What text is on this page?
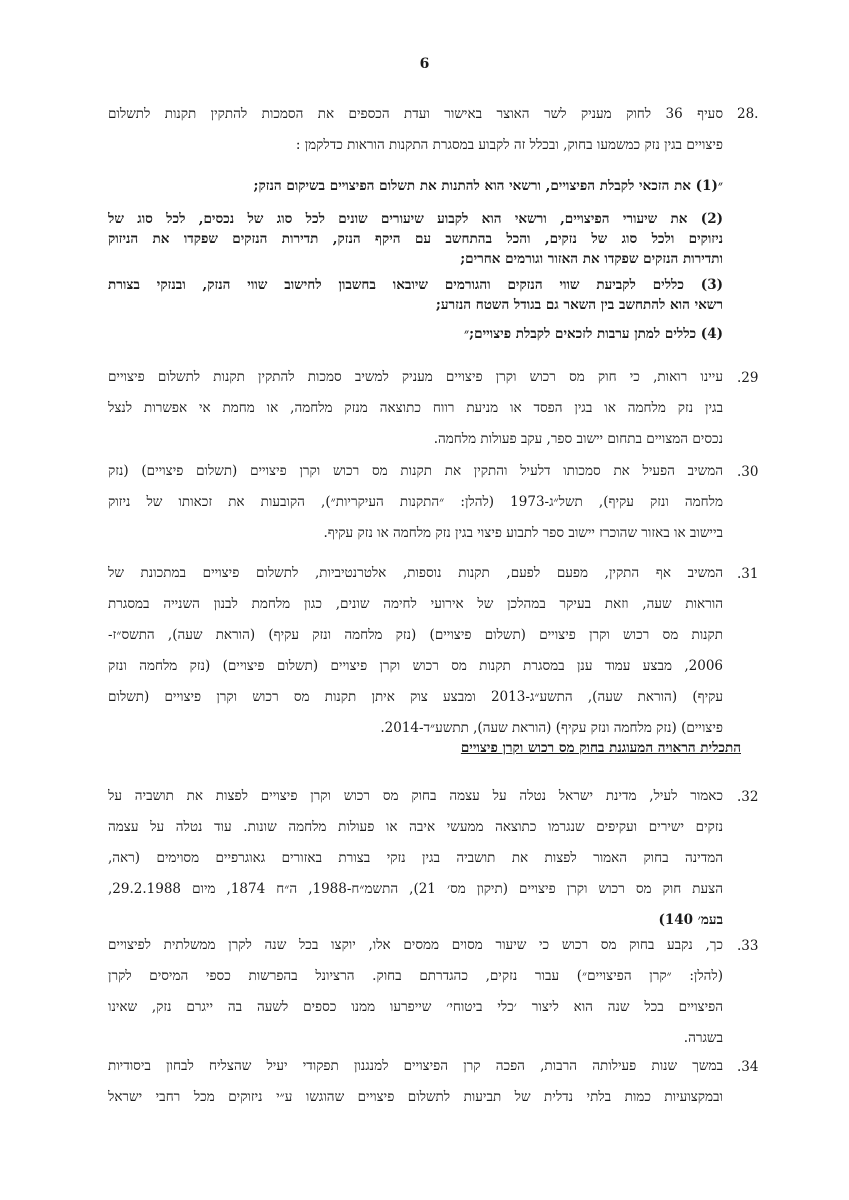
6
28.
סעיף 36 לחוק מעניק לשר האוצר באישור ועדת הכספים את הסמכות להתקין תקנות לתשלום
פיצויים בגין נזק כמשמעו בחוק, ובכלל זה לקבוע במסגרת התקנות הוראות כדלקמן :
״(1) את הזכאי לקבלת הפיצויים, ורשאי הוא להתנות את תשלום הפיצויים בשיקום הנזק;
(2) את שיעורי הפיצויים, ורשאי הוא לקבוע שיעורים שונים לכל סוג של נכסים, לכל סוג של
ניזוקים ולכל סוג של נזקים, והכל בהתחשב עם היקף הנזק, תדירות הנזקים שפקדו את הניזוק
ותדירות הנזקים שפקדו את האזור וגורמים אחרים;
(3) כללים לקביעת שווי הנזקים והגורמים שיובאו בחשבון לחישוב שווי הנזק, ובנזקי בצורת
רשאי הוא להתחשב בין השאר גם בגודל השטח הנזרע;
(4) כללים למתן ערבות לזכאים לקבלת פיצויים;״
.29
עיינו רואות, כי חוק מס רכוש וקרן פיצויים מעניק למשיב סמכות להתקין תקנות לתשלום פיצויים
בגין נזק מלחמה או בגין הפסד או מניעת רווח כתוצאה מנזק מלחמה, או מחמת אי אפשרות לנצל
נכסים המצויים בתחום יישוב ספר, עקב פעולות מלחמה.
.30
המשיב הפעיל את סמכותו דלעיל והתקין את תקנות מס רכוש וקרן פיצויים (תשלום פיצויים) (נזק
מלחמה ונזק עקיף), תשל״ג-1973 (להלן: ״התקנות העיקריות״), הקובעות את זכאותו של ניזוק
ביישוב או באזור שהוכרז יישוב ספר לתבוע פיצוי בגין נזק מלחמה או נזק עקיף.
.31
המשיב אף התקין, מפעם לפעם, תקנות נוספות, אלטרנטיביות, לתשלום פיצויים במתכונת של
הוראות שעה, וזאת בעיקר במהלכן של אירועי לחימה שונים, כגון מלחמת לבנון השנייה במסגרת
תקנות מס רכוש וקרן פיצויים (תשלום פיצויים) (נזק מלחמה ונזק עקיף) (הוראת שעה), התשס״ז-
2006, מבצע עמוד ענן במסגרת תקנות מס רכוש וקרן פיצויים (תשלום פיצויים) (נזק מלחמה ונזק
עקיף) (הוראת שעה), התשע״ג-2013 ומבצע צוק איתן תקנות מס רכוש וקרן פיצויים (תשלום
פיצויים) (נזק מלחמה ונזק עקיף) (הוראת שעה), תתשע״ד-2014.
התכלית הראויה המעוגנת בחוק מס רכוש וקרן פיצויים
.32
כאמור לעיל, מדינת ישראל נטלה על עצמה בחוק מס רכוש וקרן פיצויים לפצות את תושביה על
נזקים ישירים ועקיפים שנגרמו כתוצאה ממעשי איבה או פעולות מלחמה שונות. עוד נטלה על עצמה
המדינה בחוק האמור לפצות את תושביה בגין נזקי בצורת באזורים גאוגרפיים מסוימים (ראה,
הצעת חוק מס רכוש וקרן פיצויים (תיקון מס׳ 21), התשמ״ח-1988, ה״ח 1874, מיום 29.2.1988,
בעמ׳ 140)
.33
כך, נקבע בחוק מס רכוש כי שיעור מסוים ממסים אלו, יוקצו בכל שנה לקרן ממשלתית לפיצויים
(להלן: ״קרן הפיצויים״) עבור נזקים, כהגדרתם בחוק. הרציונל בהפרשות כספי המיסים לקרן
הפיצויים בכל שנה הוא ליצור ׳כלי ביטוחי׳ שייפרעו ממנו כספים לשעה בה ייגרם נזק, שאינו
בשגרה.
.34
במשך שנות פעילותה הרבות, הפכה קרן הפיצויים למנגנון תפקודי יעיל שהצליח לבחון ביסודיות
ובמקצועיות כמות בלתי נדלית של תביעות לתשלום פיצויים שהוגשו ע״י ניזוקים מכל רחבי ישראל
